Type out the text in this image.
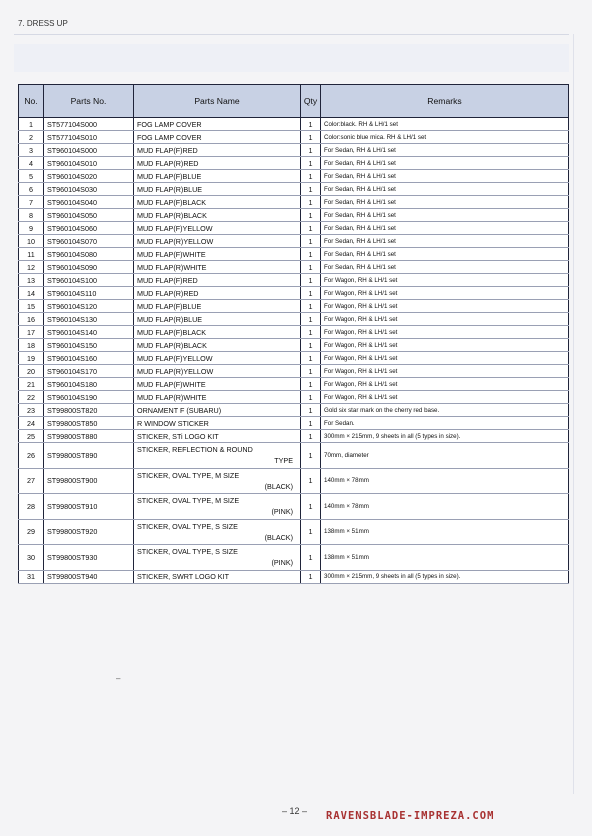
7. DRESS UP
No.	Parts No.	Parts Name	Qty	Remarks
1	ST577104S000	FOG LAMP COVER	1	Color:black. RH & LH/1 set
2	ST577104S010	FOG LAMP COVER	1	Color:sonic blue mica. RH & LH/1 set
3	ST960104S000	MUD FLAP(F)RED	1	For Sedan, RH & LH/1 set
4	ST960104S010	MUD FLAP(R)RED	1	For Sedan, RH & LH/1 set
5	ST960104S020	MUD FLAP(F)BLUE	1	For Sedan, RH & LH/1 set
6	ST960104S030	MUD FLAP(R)BLUE	1	For Sedan, RH & LH/1 set
7	ST960104S040	MUD FLAP(F)BLACK	1	For Sedan, RH & LH/1 set
8	ST960104S050	MUD FLAP(R)BLACK	1	For Sedan, RH & LH/1 set
9	ST960104S060	MUD FLAP(F)YELLOW	1	For Sedan, RH & LH/1 set
10	ST960104S070	MUD FLAP(R)YELLOW	1	For Sedan, RH & LH/1 set
11	ST960104S080	MUD FLAP(F)WHITE	1	For Sedan, RH & LH/1 set
12	ST960104S090	MUD FLAP(R)WHITE	1	For Sedan, RH & LH/1 set
13	ST960104S100	MUD FLAP(F)RED	1	For Wagon, RH & LH/1 set
14	ST960104S110	MUD FLAP(R)RED	1	For Wagon, RH & LH/1 set
15	ST960104S120	MUD FLAP(F)BLUE	1	For Wagon, RH & LH/1 set
16	ST960104S130	MUD FLAP(R)BLUE	1	For Wagon, RH & LH/1 set
17	ST960104S140	MUD FLAP(F)BLACK	1	For Wagon, RH & LH/1 set
18	ST960104S150	MUD FLAP(R)BLACK	1	For Wagon, RH & LH/1 set
19	ST960104S160	MUD FLAP(F)YELLOW	1	For Wagon, RH & LH/1 set
20	ST960104S170	MUD FLAP(R)YELLOW	1	For Wagon, RH & LH/1 set
21	ST960104S180	MUD FLAP(F)WHITE	1	For Wagon, RH & LH/1 set
22	ST960104S190	MUD FLAP(R)WHITE	1	For Wagon, RH & LH/1 set
23	ST99800ST820	ORNAMENT F (SUBARU)	1	Gold six star mark on the cherry red base.
24	ST99800ST850	R WINDOW STICKER	1	For Sedan.
25	ST99800ST880	STICKER, STi LOGO KIT	1	300mm × 215mm, 9 sheets in all (5 types in size).
26	ST99800ST890	STICKER, REFLECTION & ROUND
TYPE	1	70mm, diameter
27	ST99800ST900	STICKER, OVAL TYPE, M SIZE
(BLACK)	1	140mm × 78mm
28	ST99800ST910	STICKER, OVAL TYPE, M SIZE
(PINK)	1	140mm × 78mm
29	ST99800ST920	STICKER, OVAL TYPE, S SIZE
(BLACK)	1	138mm × 51mm
30	ST99800ST930	STICKER, OVAL TYPE, S SIZE
(PINK)	1	138mm × 51mm
31	ST99800ST940	STICKER, SWRT LOGO KIT	1	300mm × 215mm, 9 sheets in all (5 types in size).
–
– 12 – RAVENSBLADE-IMPREZA.COM
